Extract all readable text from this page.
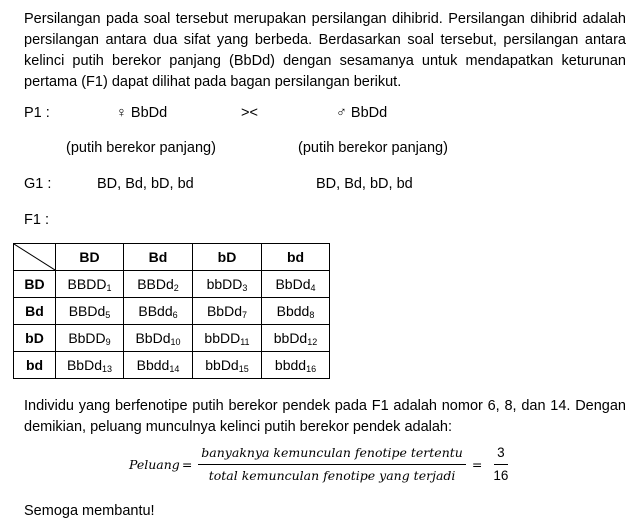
Persilangan pada soal tersebut merupakan persilangan dihibrid. Persilangan dihibrid adalah
persilangan antara dua sifat yang berbeda. Berdasarkan soal tersebut, persilangan antara
kelinci putih berekor panjang (BbDd) dengan sesamanya untuk mendapatkan keturunan
pertama (F1) dapat dilihat pada bagan persilangan berikut.
P1 :	♀ BbDd	><	♂ BbDd
(putih berekor panjang)	(putih berekor panjang)
G1 :	BD, Bd, bD, bd	BD, Bd, bD, bd
F1 :
	BD	Bd	bD	bd
BD	$BBDD_1$	BBDd$_2$	bbDD$_3$	BbDd$_4$
Bd	BBDd$_5$	BBdd$_6$	BbDd$_7$	Bbdd$_8$
bD	BbDD$_9$	BbDd$_{10}$	bbDD$_{11}$	bbDd$_{12}$
bd	BbDd$_{13}$	Bbdd$_{14}$	bbDd$_{15}$	bbdd$_{16}$
Individu yang berfenotipe putih berekor pendek pada F1 adalah nomor 6, 8, dan 14. Dengan
demikian, peluang munculnya kelinci putih berekor pendek adalah:
Peluang = $\frac{\text{banyaknya kemunculan fenotipe tertentu}}{\text{total kemunculan fenotipe yang terjadi}} = \frac{3}{16}$
Semoga membantu!
